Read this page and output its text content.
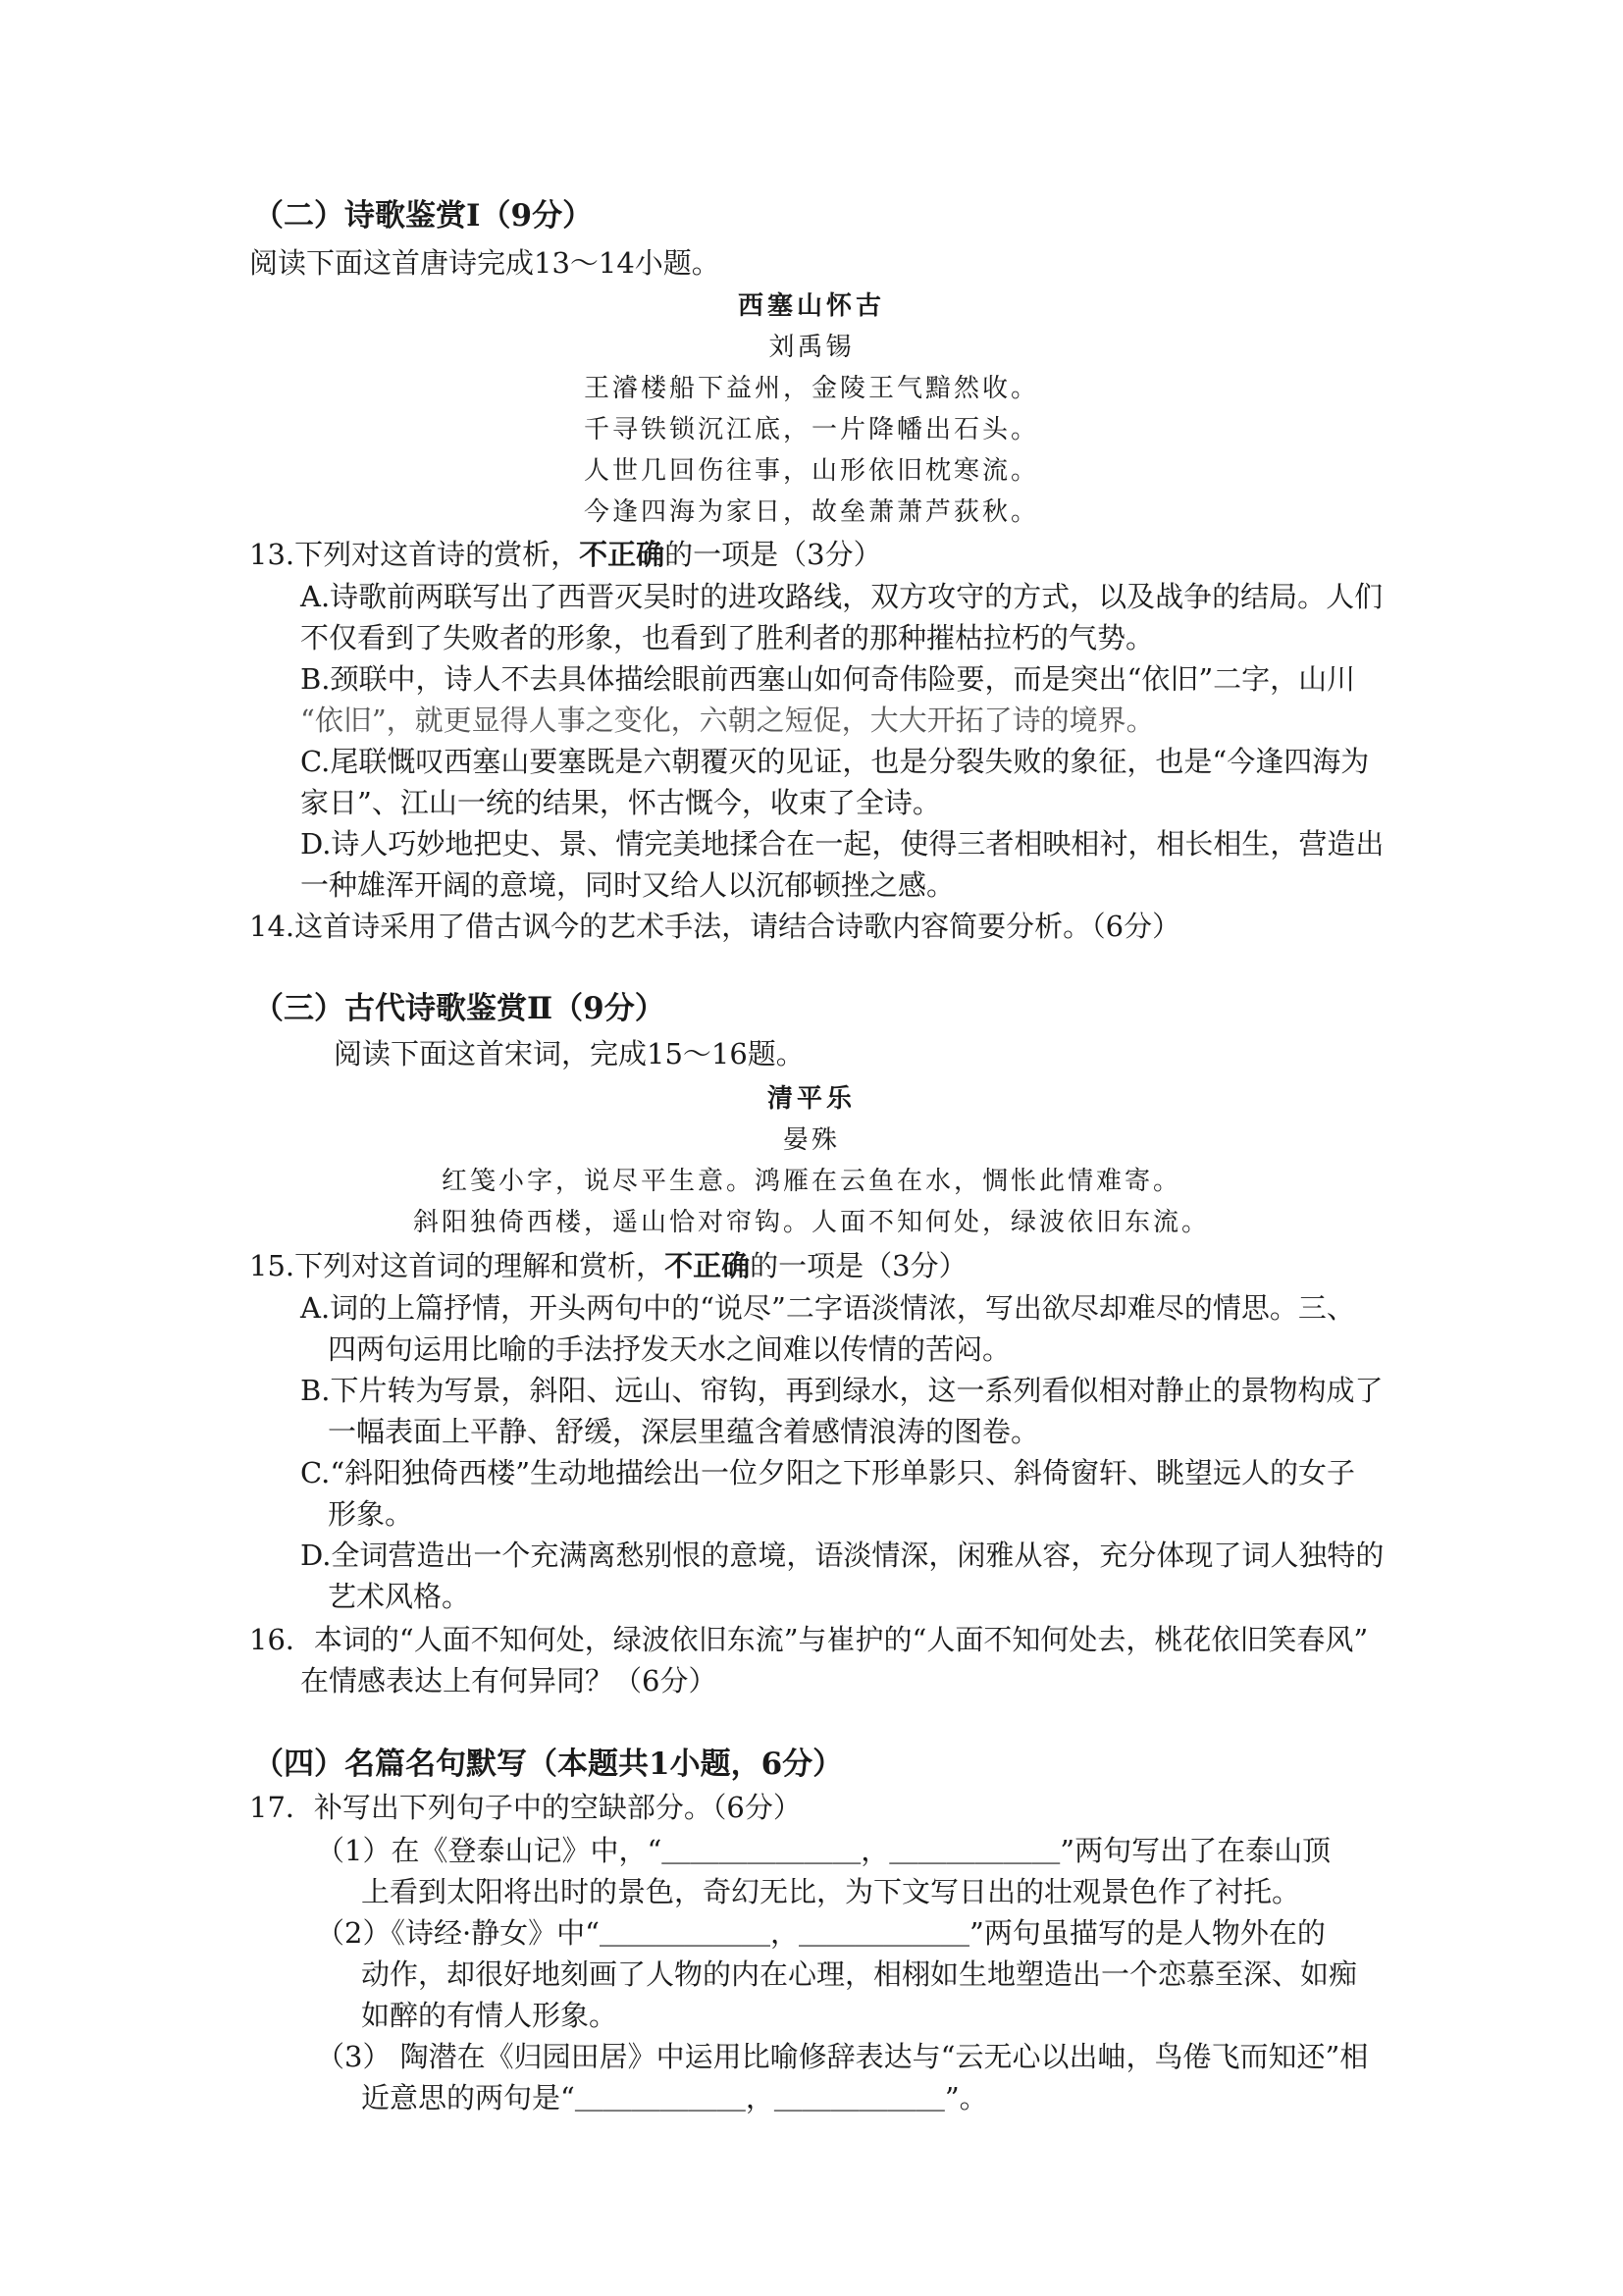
（二）诗歌鉴赏Ⅰ（9分）
阅读下面这首唐诗完成13～14小题。
西塞山怀古
刘禹锡
王濬楼船下益州，金陵王气黯然收。
千寻铁锁沉江底，一片降幡出石头。
人世几回伤往事，山形依旧枕寒流。
今逢四海为家日，故垒萧萧芦荻秋。
13.下列对这首诗的赏析，不正确的一项是（3分）
A.诗歌前两联写出了西晋灭吴时的进攻路线，双方攻守的方式，以及战争的结局。人们
不仅看到了失败者的形象，也看到了胜利者的那种摧枯拉朽的气势。
B.颈联中，诗人不去具体描绘眼前西塞山如何奇伟险要，而是突出“依旧”二字，山川
“依旧”，就更显得人事之变化，六朝之短促，大大开拓了诗的境界。
C.尾联慨叹西塞山要塞既是六朝覆灭的见证，也是分裂失败的象征，也是“今逢四海为
家日”、江山一统的结果，怀古慨今，收束了全诗。
D.诗人巧妙地把史、景、情完美地揉合在一起，使得三者相映相衬，相长相生，营造出
一种雄浑开阔的意境，同时又给人以沉郁顿挫之感。
14.这首诗采用了借古讽今的艺术手法，请结合诗歌内容简要分析。（6分）
（三）古代诗歌鉴赏Ⅱ（9分）
阅读下面这首宋词，完成15～16题。
清平乐
晏殊
红笺小字，说尽平生意。鸿雁在云鱼在水，惆怅此情难寄。
斜阳独倚西楼，遥山恰对帘钩。人面不知何处，绿波依旧东流。
15.下列对这首词的理解和赏析，不正确的一项是（3分）
A.词的上篇抒情，开头两句中的“说尽”二字语淡情浓，写出欲尽却难尽的情思。三、
四两句运用比喻的手法抒发天水之间难以传情的苦闷。
B.下片转为写景，斜阳、远山、帘钩，再到绿水，这一系列看似相对静止的景物构成了
一幅表面上平静、舒缓，深层里蕴含着感情浪涛的图卷。
C.“斜阳独倚西楼”生动地描绘出一位夕阳之下形单影只、斜倚窗轩、眺望远人的女子
形象。
D.全词营造出一个充满离愁别恨的意境，语淡情深，闲雅从容，充分体现了词人独特的
艺术风格。
16．本词的“人面不知何处，绿波依旧东流”与崔护的“人面不知何处去，桃花依旧笑春风”
在情感表达上有何异同？（6分）
（四）名篇名句默写（本题共1小题，6分）
17．补写出下列句子中的空缺部分。（6分）
（1）在《登泰山记》中，“＿＿＿＿＿＿＿，＿＿＿＿＿＿”两句写出了在泰山顶
上看到太阳将出时的景色，奇幻无比，为下文写日出的壮观景色作了衬托。
（2）《诗经·静女》中“＿＿＿＿＿＿，＿＿＿＿＿＿”两句虽描写的是人物外在的
动作，却很好地刻画了人物的内在心理，相栩如生地塑造出一个恋慕至深、如痴
如醉的有情人形象。
（3） 陶潜在《归园田居》中运用比喻修辞表达与“云无心以出岫，鸟倦飞而知还”相
近意思的两句是“＿＿＿＿＿＿，＿＿＿＿＿＿”。
